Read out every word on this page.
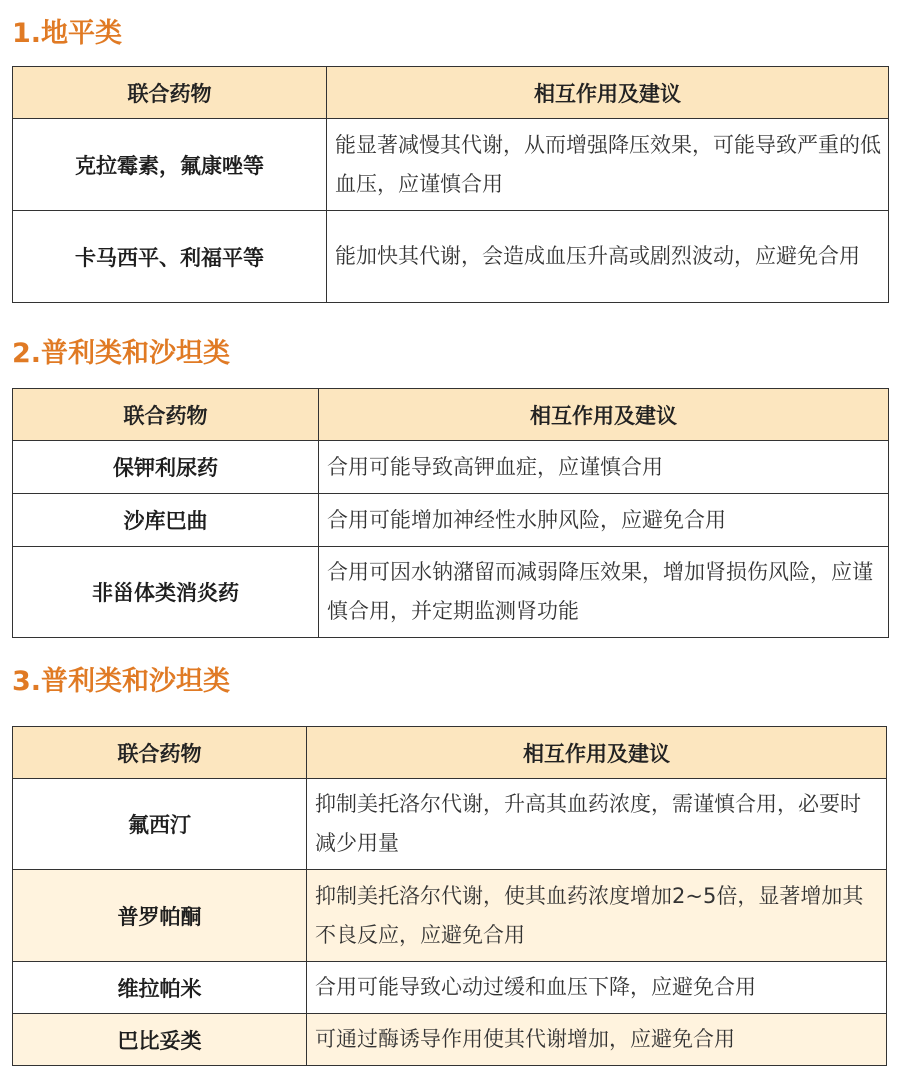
1.地平类
联合药物	相互作用及建议
克拉霉素，氟康唑等	能显著减慢其代谢，从而增强降压效果，可能导致严重的低血压，应谨慎合用
卡马西平、利福平等	能加快其代谢，会造成血压升高或剧烈波动，应避免合用
2.普利类和沙坦类
联合药物	相互作用及建议
保钾利尿药	合用可能导致高钾血症，应谨慎合用
沙库巴曲	合用可能增加神经性水肿风险，应避免合用
非甾体类消炎药	合用可因水钠潴留而减弱降压效果，增加肾损伤风险，应谨慎合用，并定期监测肾功能
3.普利类和沙坦类
联合药物	相互作用及建议
氟西汀	抑制美托洛尔代谢，升高其血药浓度，需谨慎合用，必要时减少用量
普罗帕酮	抑制美托洛尔代谢，使其血药浓度增加2~5倍，显著增加其不良反应，应避免合用
维拉帕米	合用可能导致心动过缓和血压下降，应避免合用
巴比妥类	可通过酶诱导作用使其代谢增加，应避免合用
